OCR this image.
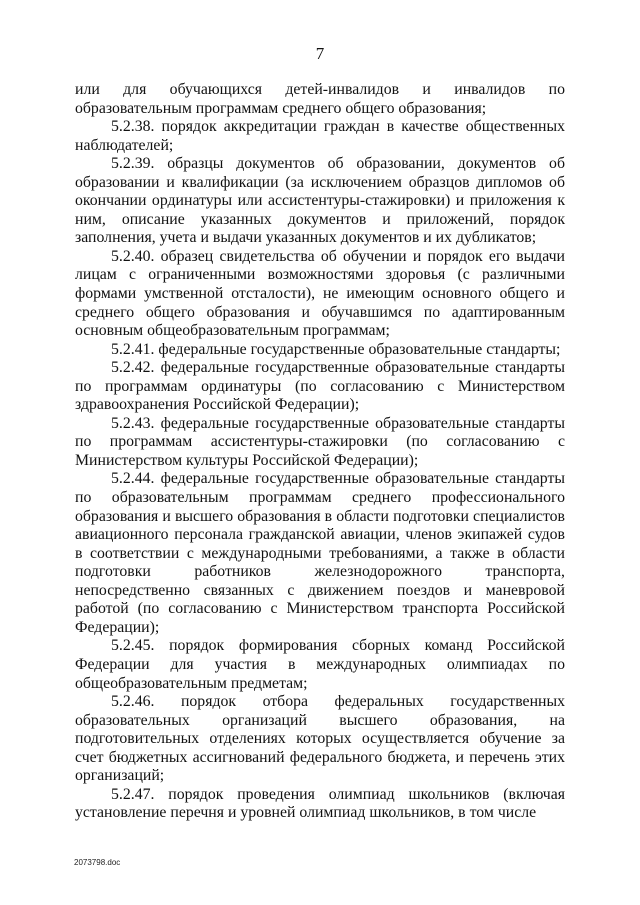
7

или для обучающихся детей-инвалидов и инвалидов по образовательным программам среднего общего образования;

5.2.38. порядок аккредитации граждан в качестве общественных наблюдателей;

5.2.39. образцы документов об образовании, документов об образовании и квалификации (за исключением образцов дипломов об окончании ординатуры или ассистентуры-стажировки) и приложения к ним, описание указанных документов и приложений, порядок заполнения, учета и выдачи указанных документов и их дубликатов;

5.2.40. образец свидетельства об обучении и порядок его выдачи лицам с ограниченными возможностями здоровья (с различными формами умственной отсталости), не имеющим основного общего и среднего общего образования и обучавшимся по адаптированным основным общеобразовательным программам;

5.2.41. федеральные государственные образовательные стандарты;

5.2.42. федеральные государственные образовательные стандарты по программам ординатуры (по согласованию с Министерством здравоохранения Российской Федерации);

5.2.43. федеральные государственные образовательные стандарты по программам ассистентуры-стажировки (по согласованию с Министерством культуры Российской Федерации);

5.2.44. федеральные государственные образовательные стандарты по образовательным программам среднего профессионального образования и высшего образования в области подготовки специалистов авиационного персонала гражданской авиации, членов экипажей судов в соответствии с международными требованиями, а также в области подготовки работников железнодорожного транспорта, непосредственно связанных с движением поездов и маневровой работой (по согласованию с Министерством транспорта Российской Федерации);

5.2.45. порядок формирования сборных команд Российской Федерации для участия в международных олимпиадах по общеобразовательным предметам;

5.2.46. порядок отбора федеральных государственных образовательных организаций высшего образования, на подготовительных отделениях которых осуществляется обучение за счет бюджетных ассигнований федерального бюджета, и перечень этих организаций;

5.2.47. порядок проведения олимпиад школьников (включая установление перечня и уровней олимпиад школьников, в том числе

2073798.doc
